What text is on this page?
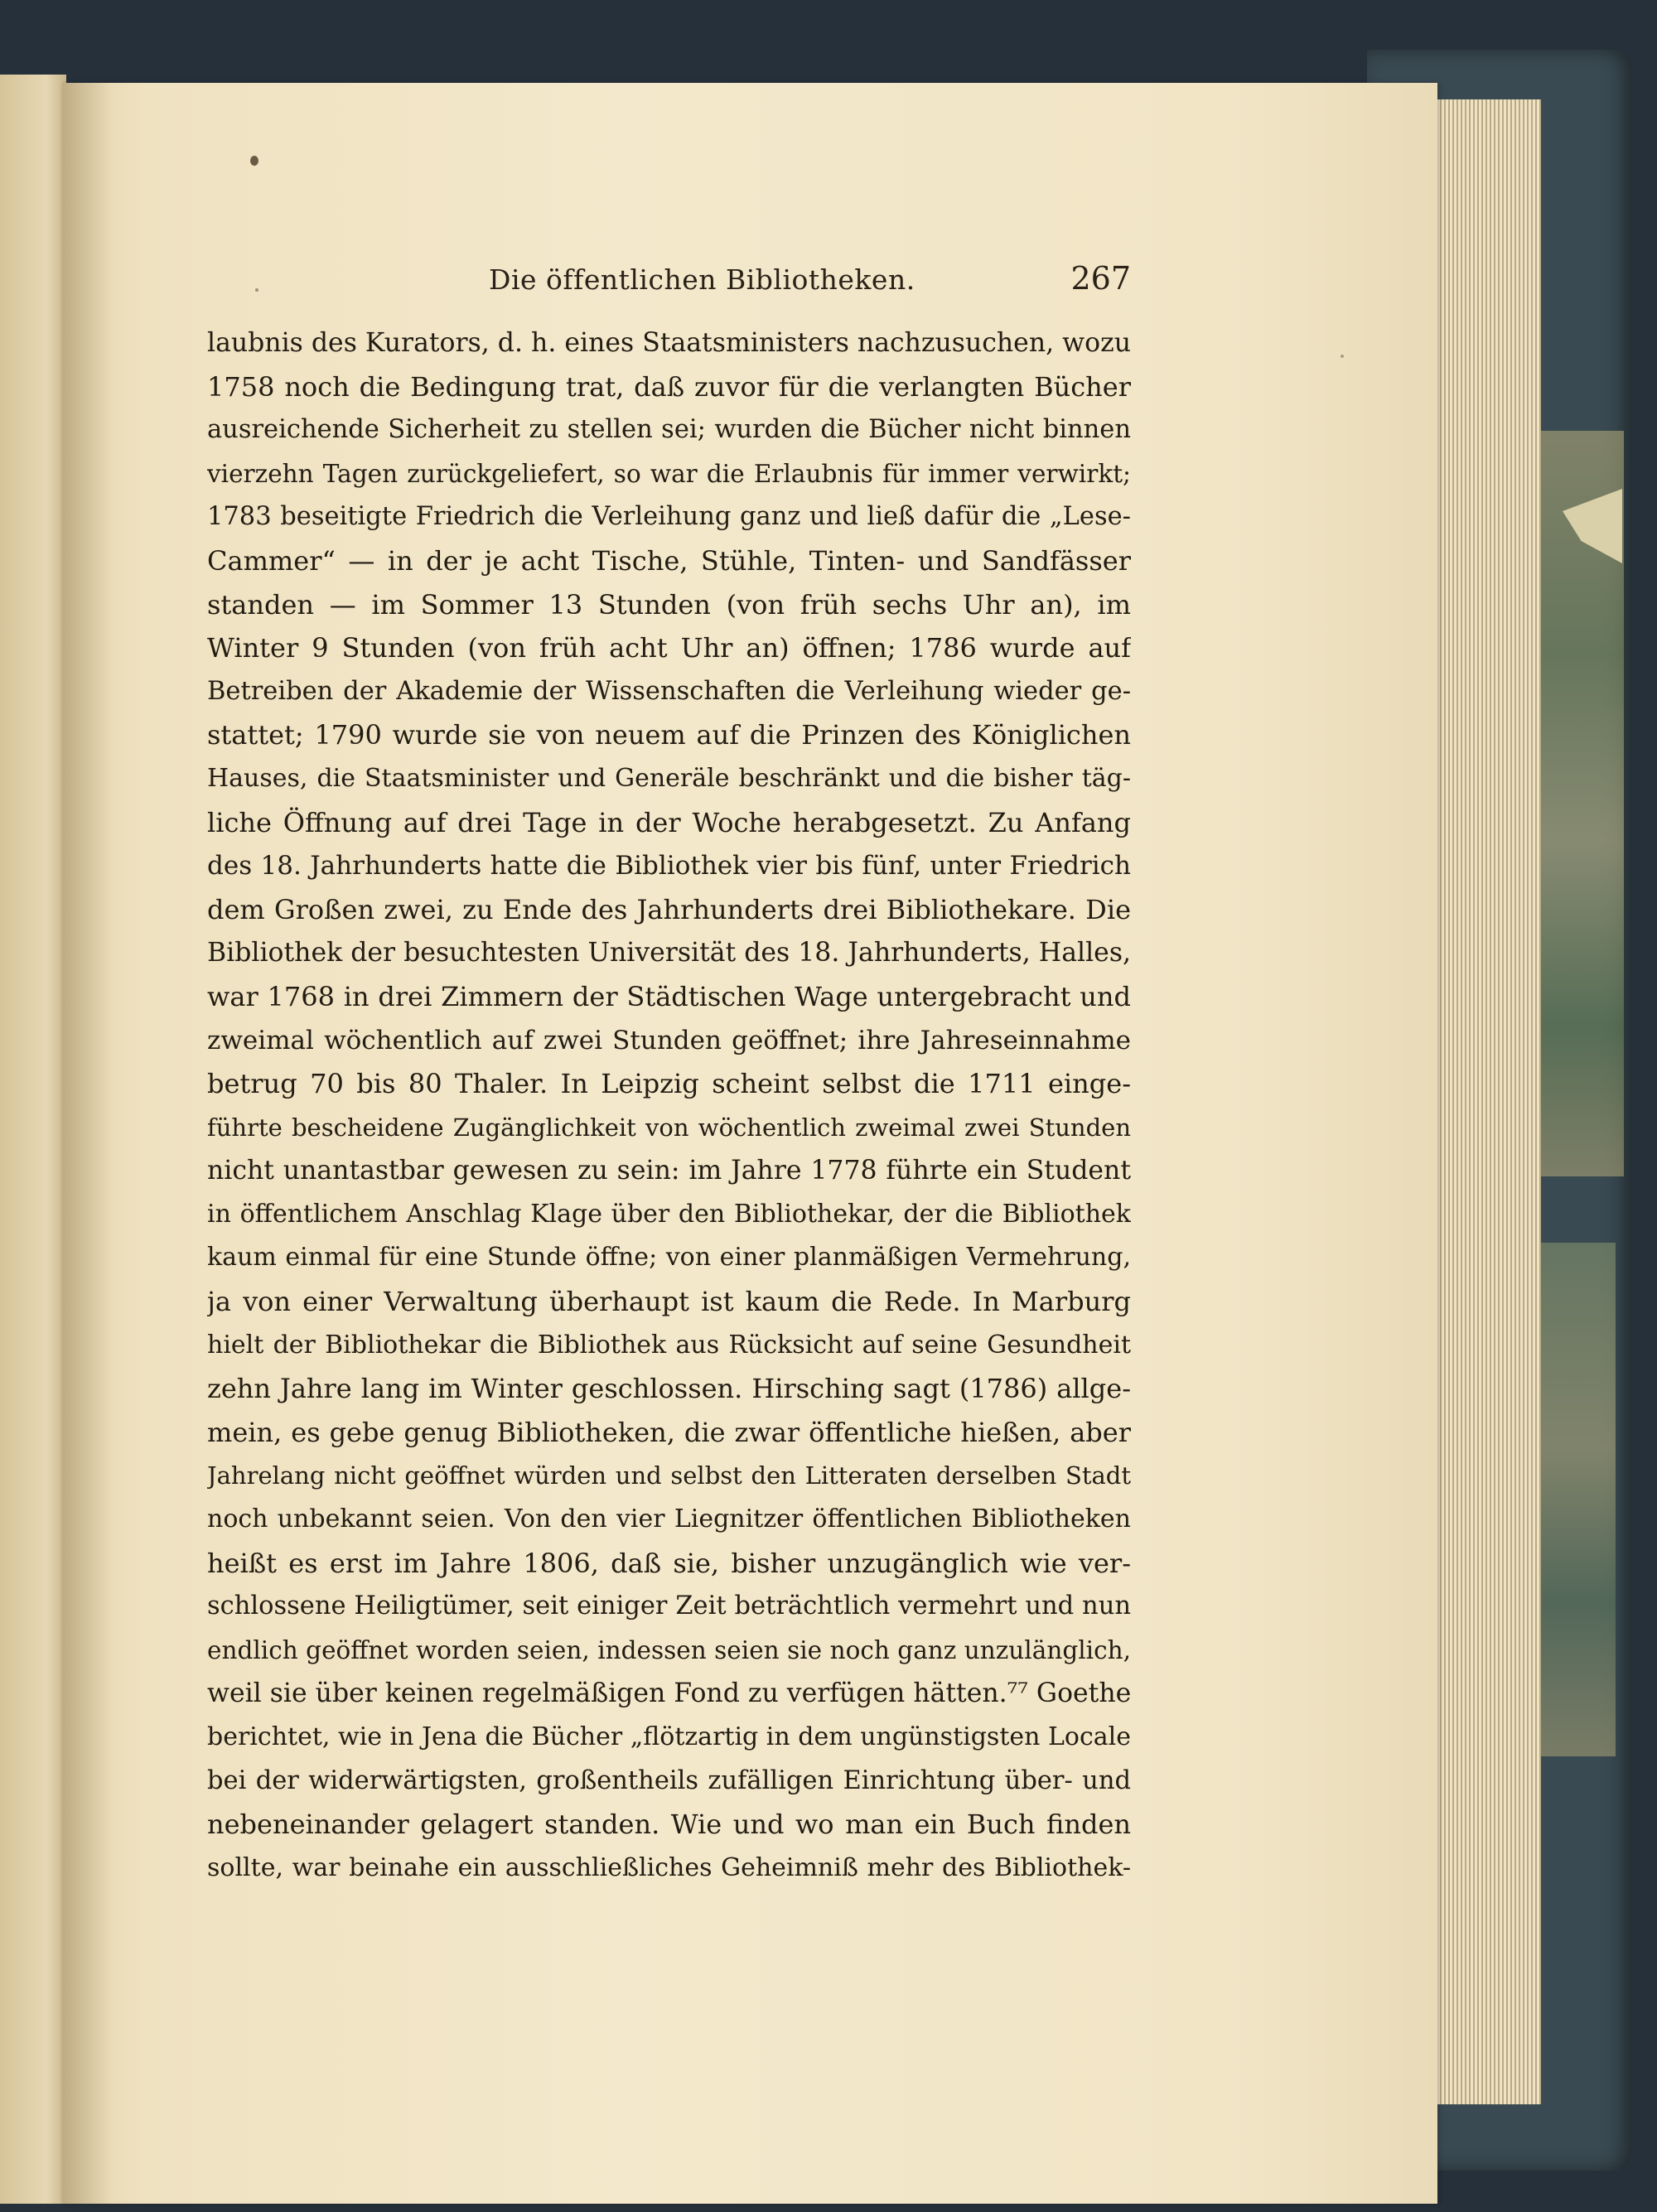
Die öffentlichen Bibliotheken.	267
laubnis des Kurators, d. h. eines Staatsministers nachzusuchen, wozu
1758 noch die Bedingung trat, daß zuvor für die verlangten Bücher
ausreichende Sicherheit zu stellen sei; wurden die Bücher nicht binnen
vierzehn Tagen zurückgeliefert, so war die Erlaubnis für immer verwirkt;
1783 beseitigte Friedrich die Verleihung ganz und ließ dafür die „Lese-
Cammer“ — in der je acht Tische, Stühle, Tinten- und Sandfässer
standen — im Sommer 13 Stunden (von früh sechs Uhr an), im
Winter 9 Stunden (von früh acht Uhr an) öffnen; 1786 wurde auf
Betreiben der Akademie der Wissenschaften die Verleihung wieder ge-
stattet; 1790 wurde sie von neuem auf die Prinzen des Königlichen
Hauses, die Staatsminister und Generäle beschränkt und die bisher täg-
liche Öffnung auf drei Tage in der Woche herabgesetzt. Zu Anfang
des 18. Jahrhunderts hatte die Bibliothek vier bis fünf, unter Friedrich
dem Großen zwei, zu Ende des Jahrhunderts drei Bibliothekare. Die
Bibliothek der besuchtesten Universität des 18. Jahrhunderts, Halles,
war 1768 in drei Zimmern der Städtischen Wage untergebracht und
zweimal wöchentlich auf zwei Stunden geöffnet; ihre Jahreseinnahme
betrug 70 bis 80 Thaler. In Leipzig scheint selbst die 1711 einge-
führte bescheidene Zugänglichkeit von wöchentlich zweimal zwei Stunden
nicht unantastbar gewesen zu sein: im Jahre 1778 führte ein Student
in öffentlichem Anschlag Klage über den Bibliothekar, der die Bibliothek
kaum einmal für eine Stunde öffne; von einer planmäßigen Vermehrung,
ja von einer Verwaltung überhaupt ist kaum die Rede. In Marburg
hielt der Bibliothekar die Bibliothek aus Rücksicht auf seine Gesundheit
zehn Jahre lang im Winter geschlossen. Hirsching sagt (1786) allge-
mein, es gebe genug Bibliotheken, die zwar öffentliche hießen, aber
Jahrelang nicht geöffnet würden und selbst den Litteraten derselben Stadt
noch unbekannt seien. Von den vier Liegnitzer öffentlichen Bibliotheken
heißt es erst im Jahre 1806, daß sie, bisher unzugänglich wie ver-
schlossene Heiligtümer, seit einiger Zeit beträchtlich vermehrt und nun
endlich geöffnet worden seien, indessen seien sie noch ganz unzulänglich,
weil sie über keinen regelmäßigen Fond zu verfügen hätten.⁷⁷ Goethe
berichtet, wie in Jena die Bücher „flötzartig in dem ungünstigsten Locale
bei der widerwärtigsten, großentheils zufälligen Einrichtung über- und
nebeneinander gelagert standen. Wie und wo man ein Buch finden
sollte, war beinahe ein ausschließliches Geheimniß mehr des Bibliothek-
